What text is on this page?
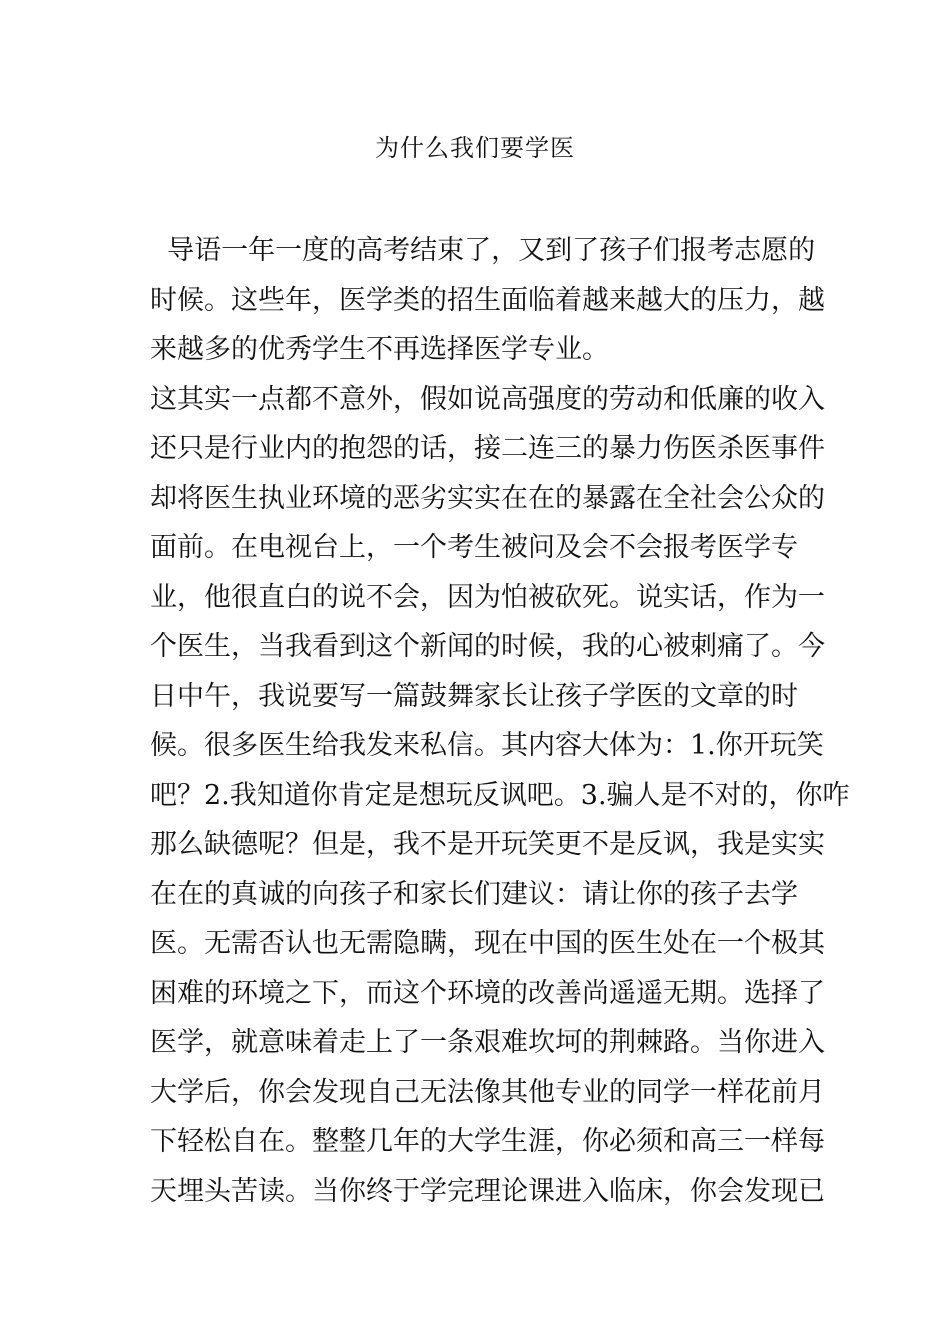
为什么我们要学医
导语一年一度的高考结束了，又到了孩子们报考志愿的
时候。这些年，医学类的招生面临着越来越大的压力，越
来越多的优秀学生不再选择医学专业。
这其实一点都不意外，假如说高强度的劳动和低廉的收入
还只是行业内的抱怨的话，接二连三的暴力伤医杀医事件
却将医生执业环境的恶劣实实在在的暴露在全社会公众的
面前。在电视台上，一个考生被问及会不会报考医学专
业，他很直白的说不会，因为怕被砍死。说实话，作为一
个医生，当我看到这个新闻的时候，我的心被刺痛了。今
日中午，我说要写一篇鼓舞家长让孩子学医的文章的时
候。很多医生给我发来私信。其内容大体为：1.你开玩笑
吧？2.我知道你肯定是想玩反讽吧。3.骗人是不对的，你咋
那么缺德呢？但是，我不是开玩笑更不是反讽，我是实实
在在的真诚的向孩子和家长们建议：请让你的孩子去学
医。无需否认也无需隐瞒，现在中国的医生处在一个极其
困难的环境之下，而这个环境的改善尚遥遥无期。选择了
医学，就意味着走上了一条艰难坎坷的荆棘路。当你进入
大学后，你会发现自己无法像其他专业的同学一样花前月
下轻松自在。整整几年的大学生涯，你必须和高三一样每
天埋头苦读。当你终于学完理论课进入临床，你会发现已
